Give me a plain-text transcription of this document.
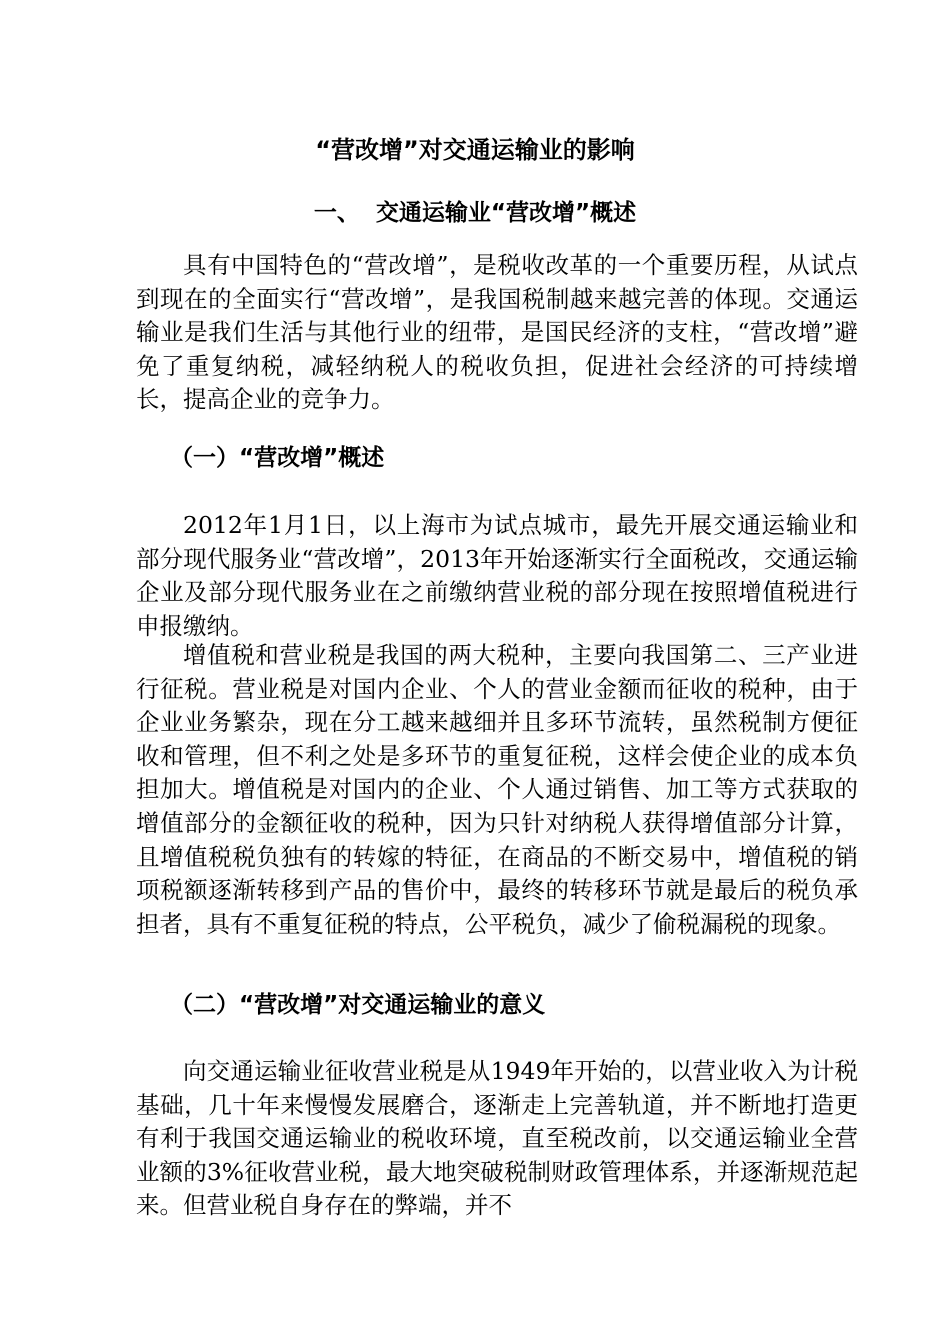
“营改增”对交通运输业的影响
一、  交通运输业“营改增”概述

具有中国特色的“营改增”，是税收改革的一个重要历程，从试点到现在的全面实行“营改增”，是我国税制越来越完善的体现。交通运输业是我们生活与其他行业的纽带，是国民经济的支柱，“营改增”避免了重复纳税，减轻纳税人的税收负担，促进社会经济的可持续增长，提高企业的竞争力。

（一）“营改增”概述

2012年1月1日，以上海市为试点城市，最先开展交通运输业和部分现代服务业“营改增”，2013年开始逐渐实行全面税改，交通运输企业及部分现代服务业在之前缴纳营业税的部分现在按照增值税进行申报缴纳。

增值税和营业税是我国的两大税种，主要向我国第二、三产业进行征税。营业税是对国内企业、个人的营业金额而征收的税种，由于企业业务繁杂，现在分工越来越细并且多环节流转，虽然税制方便征收和管理，但不利之处是多环节的重复征税，这样会使企业的成本负担加大。增值税是对国内的企业、个人通过销售、加工等方式获取的增值部分的金额征收的税种，因为只针对纳税人获得增值部分计算，且增值税税负独有的转嫁的特征，在商品的不断交易中，增值税的销项税额逐渐转移到产品的售价中，最终的转移环节就是最后的税负承担者，具有不重复征税的特点，公平税负，减少了偷税漏税的现象。

（二）“营改增”对交通运输业的意义

向交通运输业征收营业税是从1949年开始的，以营业收入为计税基础，几十年来慢慢发展磨合，逐渐走上完善轨道，并不断地打造更有利于我国交通运输业的税收环境，直至税改前，以交通运输业全营业额的3%征收营业税，最大地突破税制财政管理体系，并逐渐规范起来。但营业税自身存在的弊端，并不
